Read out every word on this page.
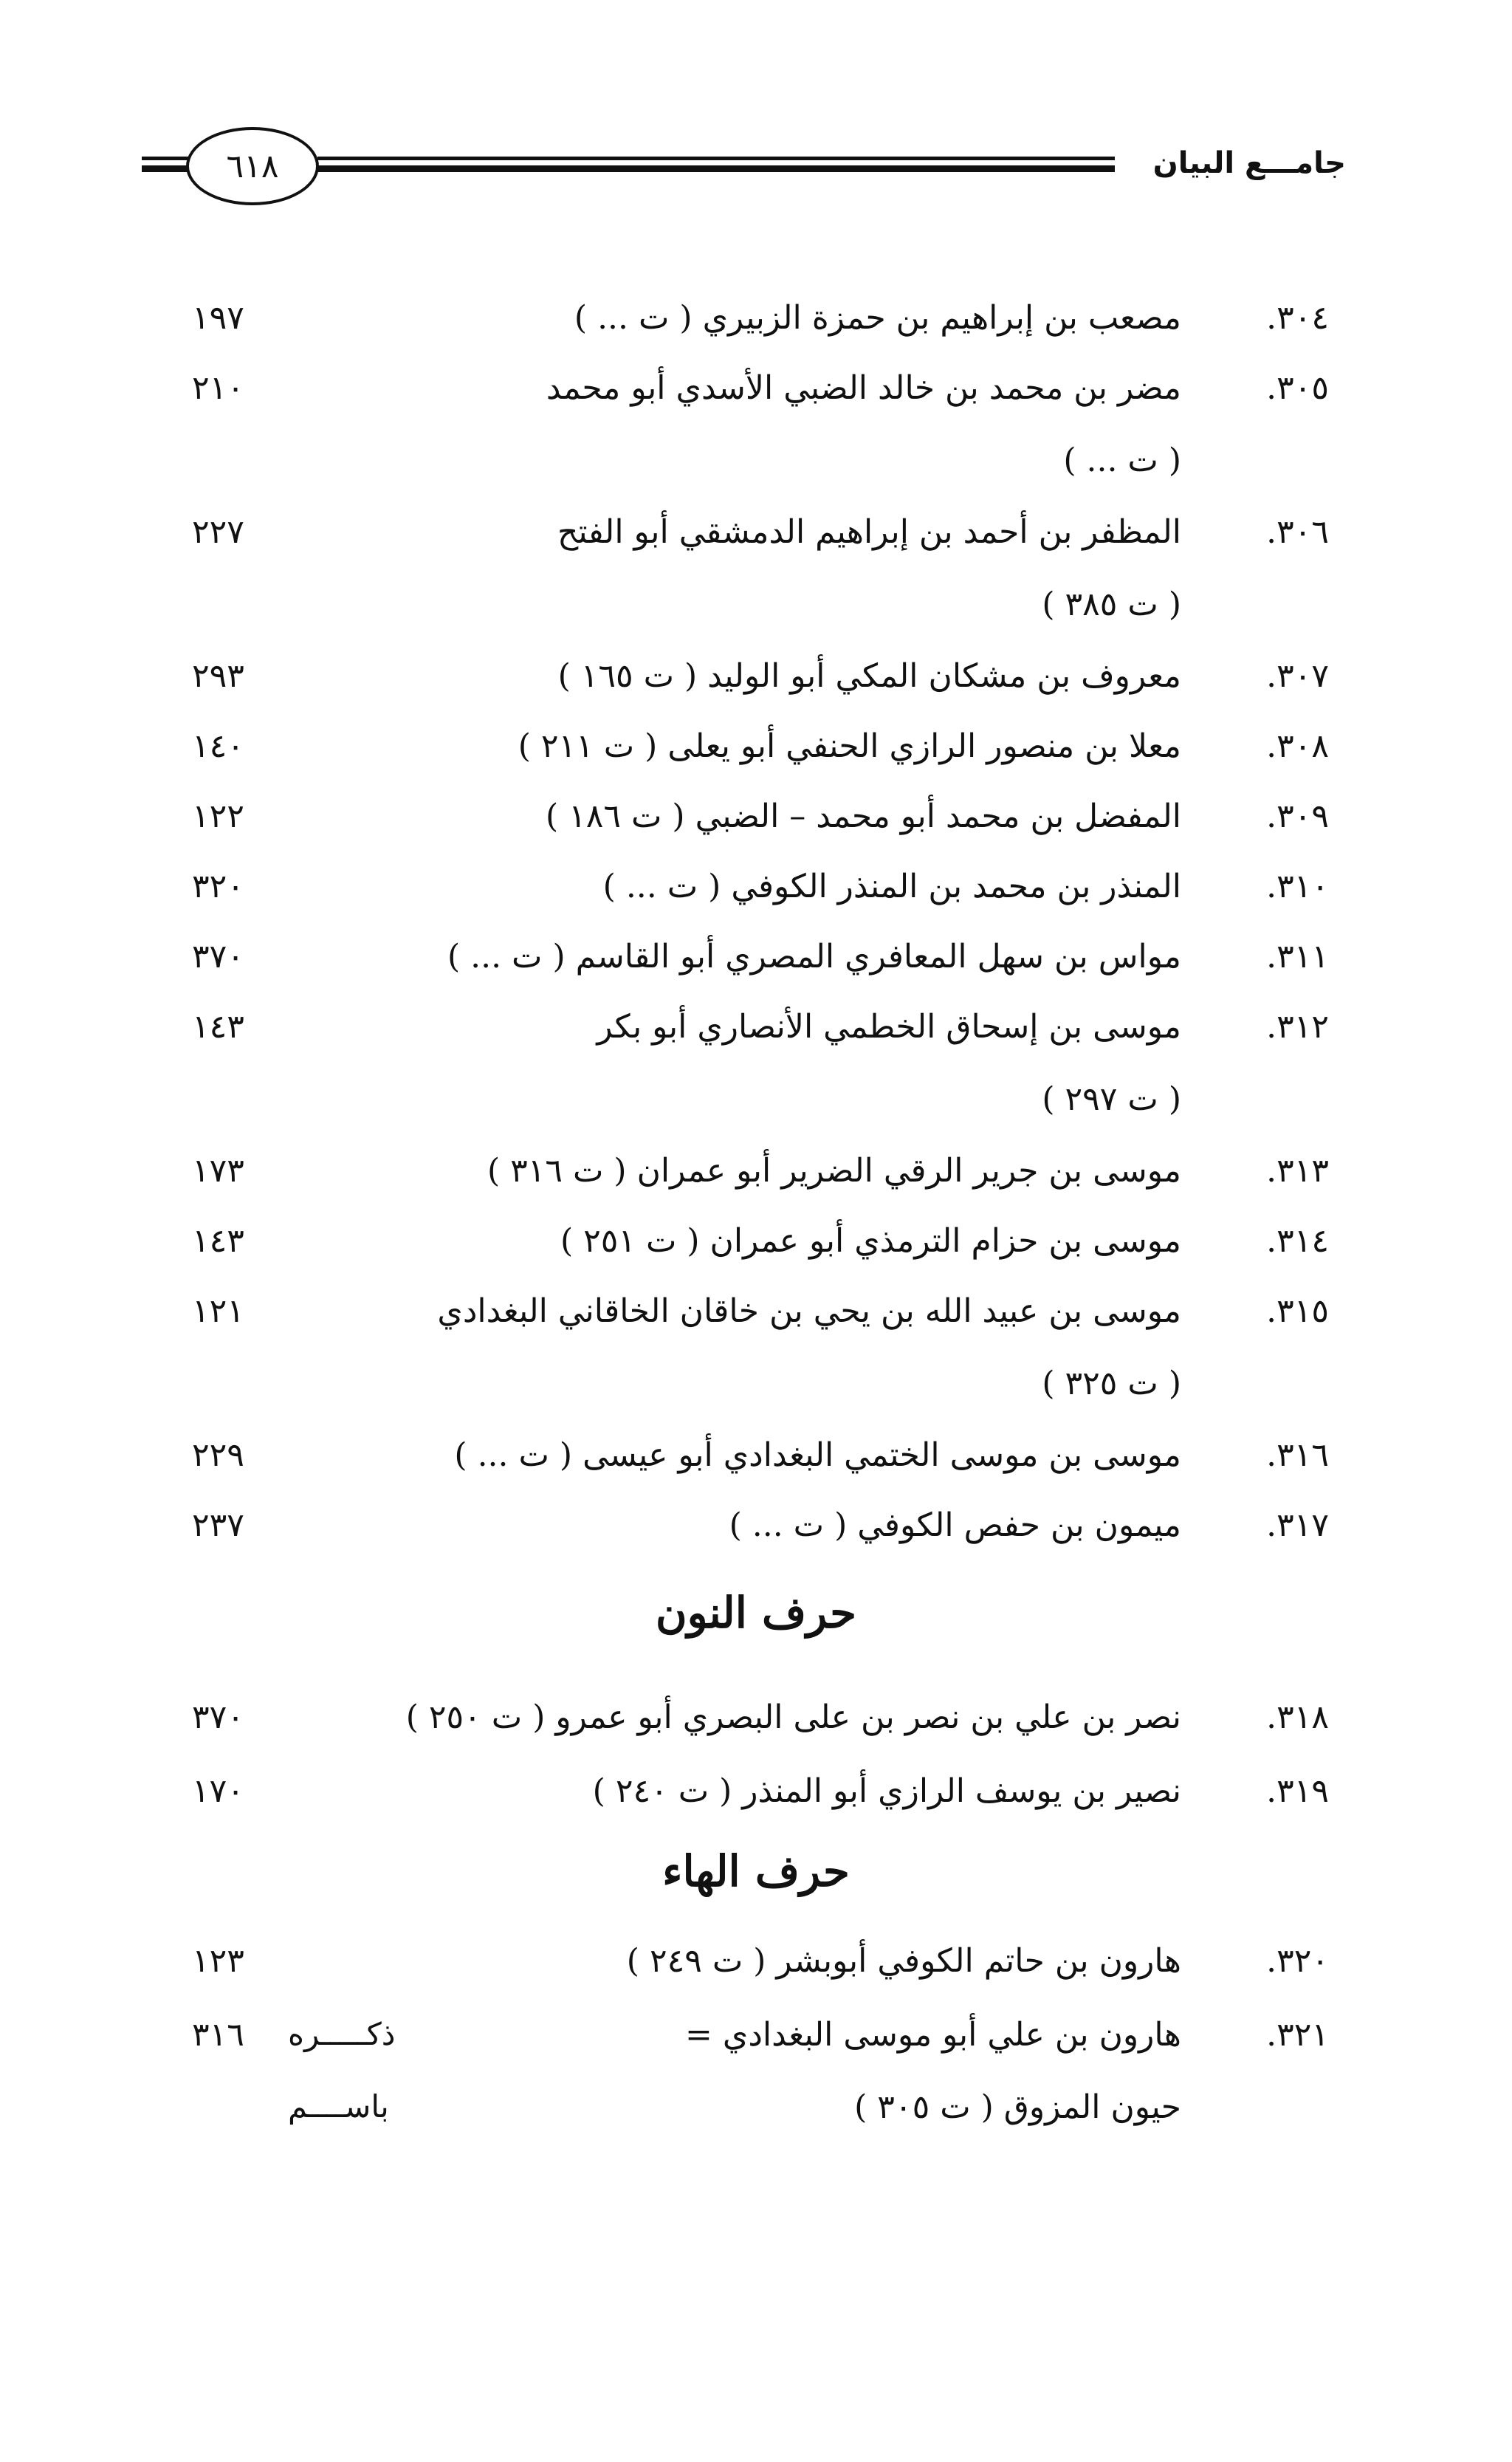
جامـــع البيان
٦١٨
٣٠٤.
مصعب بن إبراهيم بن حمزة الزبيري ( ت ... )
١٩٧
٣٠٥.
مضر بن محمد بن خالد الضبي الأسدي أبو محمد
٢١٠
( ت ... )
٣٠٦.
المظفر بن أحمد بن إبراهيم الدمشقي أبو الفتح
٢٢٧
( ت ٣٨٥ )
٣٠٧.
معروف بن مشكان المكي أبو الوليد ( ت ١٦٥ )
٢٩٣
٣٠٨.
معلا بن منصور الرازي الحنفي أبو يعلى ( ت ٢١١ )
١٤٠
٣٠٩.
المفضل بن محمد أبو محمد – الضبي ( ت ١٨٦ )
١٢٢
٣١٠.
المنذر بن محمد بن المنذر الكوفي ( ت ... )
٣٢٠
٣١١.
مواس بن سهل المعافري المصري أبو القاسم ( ت ... )
٣٧٠
٣١٢.
موسى بن إسحاق الخطمي الأنصاري أبو بكر
١٤٣
( ت ٢٩٧ )
٣١٣.
موسى بن جرير الرقي الضرير أبو عمران ( ت ٣١٦ )
١٧٣
٣١٤.
موسى بن حزام الترمذي أبو عمران ( ت ٢٥١ )
١٤٣
٣١٥.
موسى بن عبيد الله بن يحي بن خاقان الخاقاني البغدادي
١٢١
( ت ٣٢٥ )
٣١٦.
موسى بن موسى الختمي البغدادي أبو عيسى ( ت ... )
٢٢٩
٣١٧.
ميمون بن حفص الكوفي ( ت ... )
٢٣٧
حرف النون
٣١٨.
نصر بن علي بن نصر بن على البصري أبو عمرو ( ت ٢٥٠ )
٣٧٠
٣١٩.
نصير بن يوسف الرازي أبو المنذر ( ت ٢٤٠ )
١٧٠
حرف الهاء
٣٢٠.
هارون بن حاتم الكوفي أبوبشر ( ت ٢٤٩ )
١٢٣
٣٢١.
هارون بن علي أبو موسى البغدادي =
ذكـــــره
٣١٦
حيون المزوق ( ت ٣٠٥ )
باســــم
